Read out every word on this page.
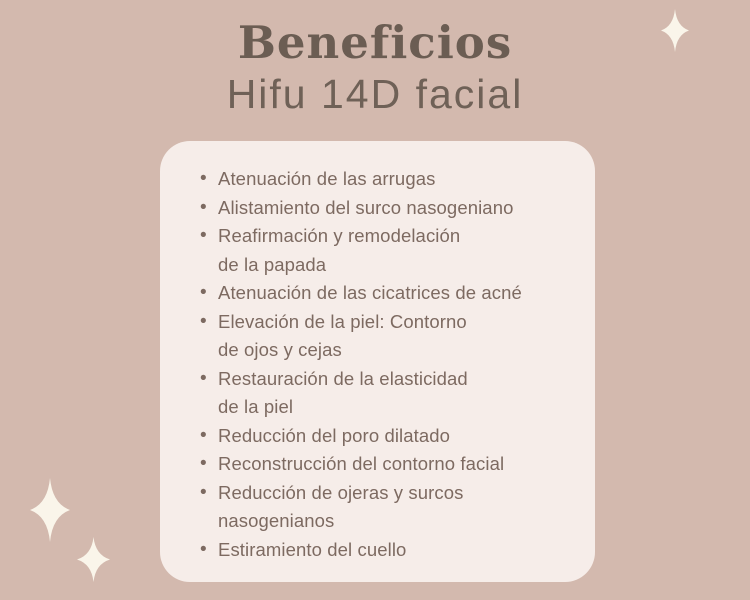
Beneficios
Hifu 14D facial
• Atenuación de las arrugas
• Alistamiento del surco nasogeniano
• Reafirmación y remodelación
de la papada
• Atenuación de las cicatrices de acné
• Elevación de la piel: Contorno
de ojos y cejas
• Restauración de la elasticidad
de la piel
• Reducción del poro dilatado
• Reconstrucción del contorno facial
• Reducción de ojeras y surcos
nasogenianos
• Estiramiento del cuello
